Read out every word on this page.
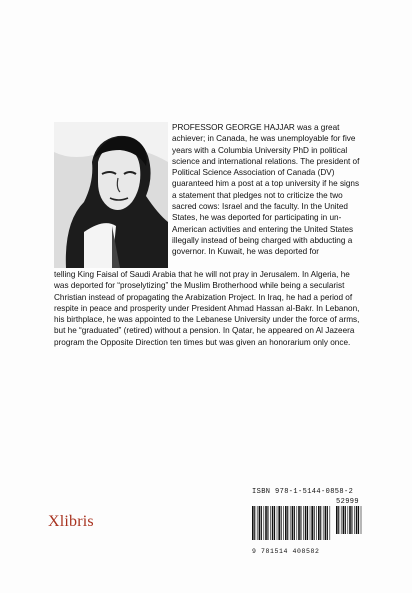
PROFESSOR GEORGE HAJJAR was a great achiever; in Canada, he was unemployable for five years with a Columbia University PhD in political science and international relations. The president of Political Science Association of Canada (DV) guaranteed him a post at a top university if he signs a statement that pledges not to criticize the two sacred cows: Israel and the faculty. In the United States, he was deported for participating in un-American activities and entering the United States illegally instead of being charged with abducting a governor. In Kuwait, he was deported for

telling King Faisal of Saudi Arabia that he will not pray in Jerusalem. In Algeria, he was deported for “proselytizing” the Muslim Brotherhood while being a secularist Christian instead of propagating the Arabization Project. In Iraq, he had a period of respite in peace and prosperity under President Ahmad Hassan al-Bakr. In Lebanon, his birthplace, he was appointed to the Lebanese University under the force of arms, but he “graduated” (retired) without a pension. In Qatar, he appeared on Al Jazeera program the Opposite Direction ten times but was given an honorarium only once.

ISBN 978-1-5144-0858-2
52999
9 781514 408582
Xlibris
